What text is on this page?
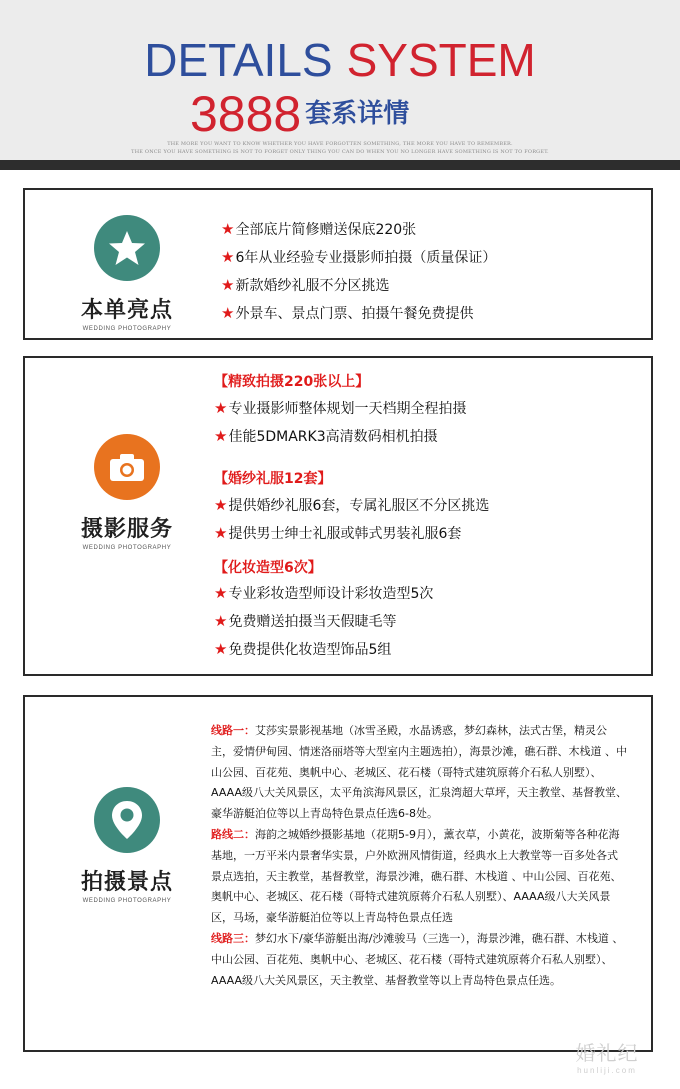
DETAILS SYSTEM
3888 套系详情
THE MORE YOU WANT TO KNOW WHETHER YOU HAVE FORGOTTEN SOMETHING, THE MORE YOU HAVE TO REMEMBER.
THE ONCE YOU HAVE SOMETHING IS NOT TO FORGET ONLY THING YOU CAN DO WHEN YOU NO LONGER HAVE SOMETHING IS NOT TO FORGET.
本单亮点
WEDDING PHOTOGRAPHY
★全部底片简修赠送保底220张
★6年从业经验专业摄影师拍摄（质量保证）
★新款婚纱礼服不分区挑选
★外景车、景点门票、拍摄午餐免费提供
摄影服务
WEDDING PHOTOGRAPHY
【精致拍摄220张以上】
★专业摄影师整体规划一天档期全程拍摄
★佳能5DMARK3高清数码相机拍摄
【婚纱礼服12套】
★提供婚纱礼服6套，专属礼服区不分区挑选
★提供男士绅士礼服或韩式男装礼服6套
【化妆造型6次】
★专业彩妆造型师设计彩妆造型5次
★免费赠送拍摄当天假睫毛等
★免费提供化妆造型饰品5组
拍摄景点
WEDDING PHOTOGRAPHY

线路一：艾莎实景影视基地（冰雪圣殿，水晶诱惑，梦幻森林，法式古堡，精灵公主，爱情伊甸园、情迷洛丽塔等大型室内主题选拍），海景沙滩，礁石群、木栈道 、中山公园、百花苑、奥帆中心、老城区、花石楼（哥特式建筑原蒋介石私人别墅）、AAAA级八大关风景区，太平角滨海风景区，汇泉湾超大草坪，天主教堂、基督教堂、豪华游艇泊位等以上青岛特色景点任选6-8处。

路线二：海韵之城婚纱摄影基地（花期5-9月），薰衣草，小黄花，波斯菊等各种花海基地，一万平米内景奢华实景，户外欧洲风情街道，经典水上大教堂等一百多处各式景点选拍，天主教堂，基督教堂，海景沙滩，礁石群、木栈道 、中山公园、百花苑、奥帆中心、老城区、花石楼（哥特式建筑原蒋介石私人别墅）、AAAA级八大关风景区，马场，豪华游艇泊位等以上青岛特色景点任选

线路三：梦幻水下/豪华游艇出海/沙滩骏马（三选一），海景沙滩，礁石群、木栈道 、中山公园、百花苑、奥帆中心、老城区、花石楼（哥特式建筑原蒋介石私人别墅）、AAAA级八大关风景区，天主教堂、基督教堂等以上青岛特色景点任选。

婚礼纪
hunliji.com
